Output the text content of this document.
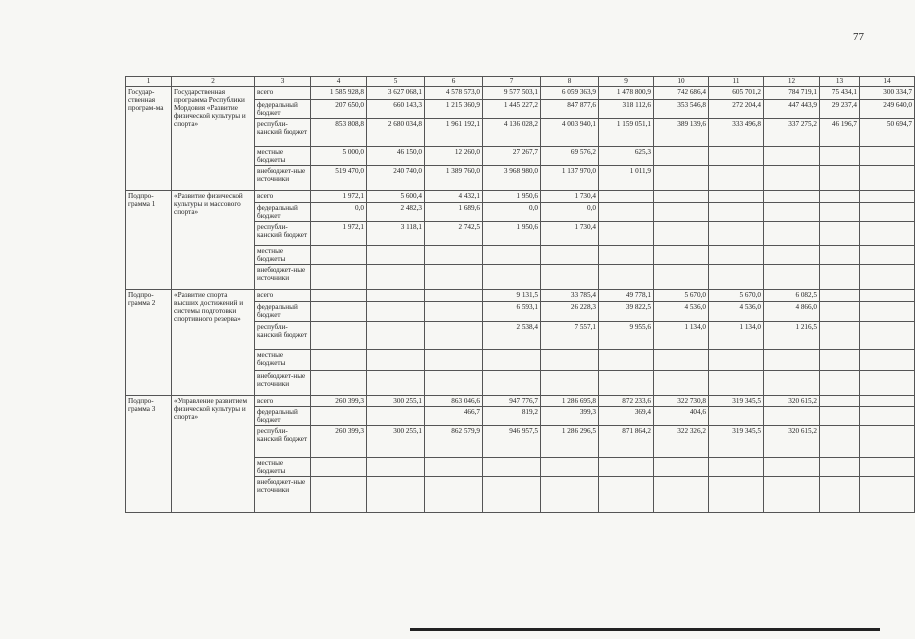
77
1	2	3	4	5	6	7	8	9	10	11	12	13	14
Государ-ственная програм-ма	Государственная программа Республики Мордовия «Развитие физической культуры и спорта»	всего	1 585 928,8	3 627 068,1	4 578 573,0	9 577 503,1	6 059 363,9	1 478 800,9	742 686,4	605 701,2	784 719,1	75 434,1	300 334,7
		федеральный бюджет	207 650,0	660 143,3	1 215 360,9	1 445 227,2	847 877,6	318 112,6	353 546,8	272 204,4	447 443,9	29 237,4	249 640,0
		республи-канский бюджет	853 808,8	2 680 034,8	1 961 192,1	4 136 028,2	4 003 940,1	1 159 051,1	389 139,6	333 496,8	337 275,2	46 196,7	50 694,7
		местные бюджеты	5 000,0	46 150,0	12 260,0	27 267,7	69 576,2	625,3					
		внебюджет-ные источники	519 470,0	240 740,0	1 389 760,0	3 968 980,0	1 137 970,0	1 011,9					
Подпро-грамма 1	«Развитие физической культуры и массового спорта»	всего	1 972,1	5 600,4	4 432,1	1 950,6	1 730,4						
		федеральный бюджет	0,0	2 482,3	1 689,6	0,0	0,0						
		республи-канский бюджет	1 972,1	3 118,1	2 742,5	1 950,6	1 730,4						
		местные бюджеты											
		внебюджет-ные источники											
Подпро-грамма 2	«Развитие спорта высших достижений и системы подготовки спортивного резерва»	всего				9 131,5	33 785,4	49 778,1	5 670,0	5 670,0	6 082,5		
		федеральный бюджет				6 593,1	26 228,3	39 822,5	4 536,0	4 536,0	4 866,0		
		республи-канский бюджет				2 538,4	7 557,1	9 955,6	1 134,0	1 134,0	1 216,5		
		местные бюджеты											
		внебюджет-ные источники											
Подпро-грамма 3	«Управление развитием физической культуры и спорта»	всего	260 399,3	300 255,1	863 046,6	947 776,7	1 286 695,8	872 233,6	322 730,8	319 345,5	320 615,2		
		федеральный бюджет			466,7	819,2	399,3	369,4	404,6				
		республи-канский бюджет	260 399,3	300 255,1	862 579,9	946 957,5	1 286 296,5	871 864,2	322 326,2	319 345,5	320 615,2		
		местные бюджеты											
		внебюджет-ные источники											
